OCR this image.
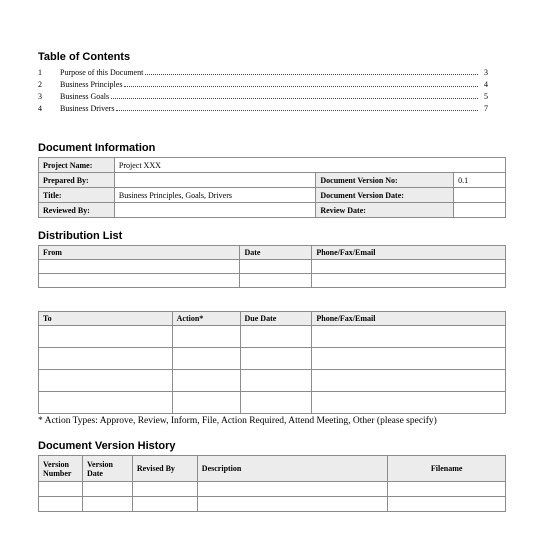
Table of Contents
1	Purpose of this Document	3
2	Business Principles	4
3	Business Goals	5
4	Business Drivers	7
Document Information
Project Name:	Project XXX		
Prepared By:		Document Version No:	0.1
Title:	Business Principles, Goals, Drivers	Document Version Date:	
Reviewed By:		Review Date:	
Distribution List
From	Date	Phone/Fax/Email

To	Action*	Due Date	Phone/Fax/Email

* Action Types: Approve, Review, Inform, File, Action Required, Attend Meeting, Other (please specify)
Document Version History
Version Number	Version Date	Revised By	Description	Filename
